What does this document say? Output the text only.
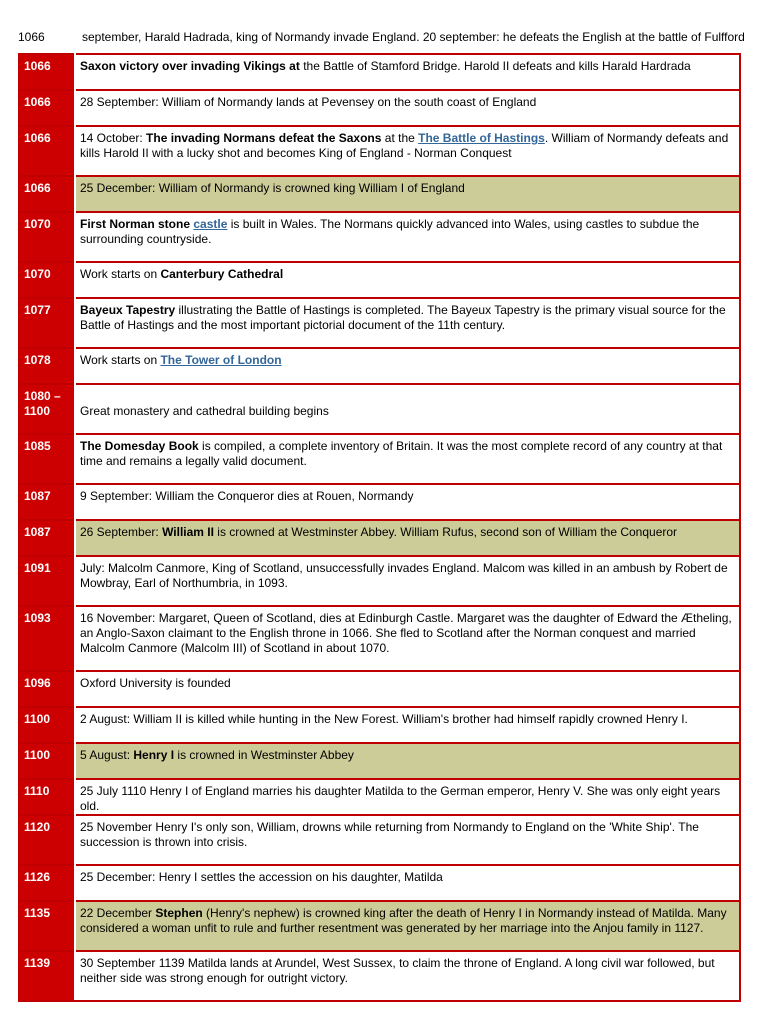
1066	september, Harald Hadrada, king of Normandy invade England. 20 september: he defeats the English at the battle of Fulfford
1066	Saxon victory over invading Vikings at the Battle of Stamford Bridge. Harold II defeats and kills Harald Hardrada
1066	28 September: William of Normandy lands at Pevensey on the south coast of England
1066	14 October: The invading Normans defeat the Saxons at the The Battle of Hastings. William of Normandy defeats and kills Harold II with a lucky shot and becomes King of England - Norman Conquest
1066	25 December: William of Normandy is crowned king William I of England
1070	First Norman stone castle is built in Wales. The Normans quickly advanced into Wales, using castles to subdue the surrounding countryside.
1070	Work starts on Canterbury Cathedral
1077	Bayeux Tapestry illustrating the Battle of Hastings is completed. The Bayeux Tapestry is the primary visual source for the Battle of Hastings and the most important pictorial document of the 11th century.
1078	Work starts on The Tower of London
1080 – 1100	Great monastery and cathedral building begins
1085	The Domesday Book is compiled, a complete inventory of Britain. It was the most complete record of any country at that time and remains a legally valid document.
1087	9 September: William the Conqueror dies at Rouen, Normandy
1087	26 September: William II is crowned at Westminster Abbey. William Rufus, second son of William the Conqueror
1091	July: Malcolm Canmore, King of Scotland, unsuccessfully invades England. Malcom was killed in an ambush by Robert de Mowbray, Earl of Northumbria, in 1093.
1093	16 November: Margaret, Queen of Scotland, dies at Edinburgh Castle. Margaret was the daughter of Edward the Ætheling, an Anglo-Saxon claimant to the English throne in 1066. She fled to Scotland after the Norman conquest and married Malcolm Canmore (Malcolm III) of Scotland in about 1070.
1096	Oxford University is founded
1100	2 August: William II is killed while hunting in the New Forest. William's brother had himself rapidly crowned Henry I.
1100	5 August: Henry I is crowned in Westminster Abbey
1110	25 July 1110 Henry I of England marries his daughter Matilda to the German emperor, Henry V. She was only eight years old.
1120	25 November Henry I's only son, William, drowns while returning from Normandy to England on the 'White Ship'. The succession is thrown into crisis.
1126	25 December: Henry I settles the accession on his daughter, Matilda
1135	22 December Stephen (Henry's nephew) is crowned king after the death of Henry I in Normandy instead of Matilda. Many considered a woman unfit to rule and further resentment was generated by her marriage into the Anjou family in 1127.
1139	30 September 1139 Matilda lands at Arundel, West Sussex, to claim the throne of England. A long civil war followed, but neither side was strong enough for outright victory.
